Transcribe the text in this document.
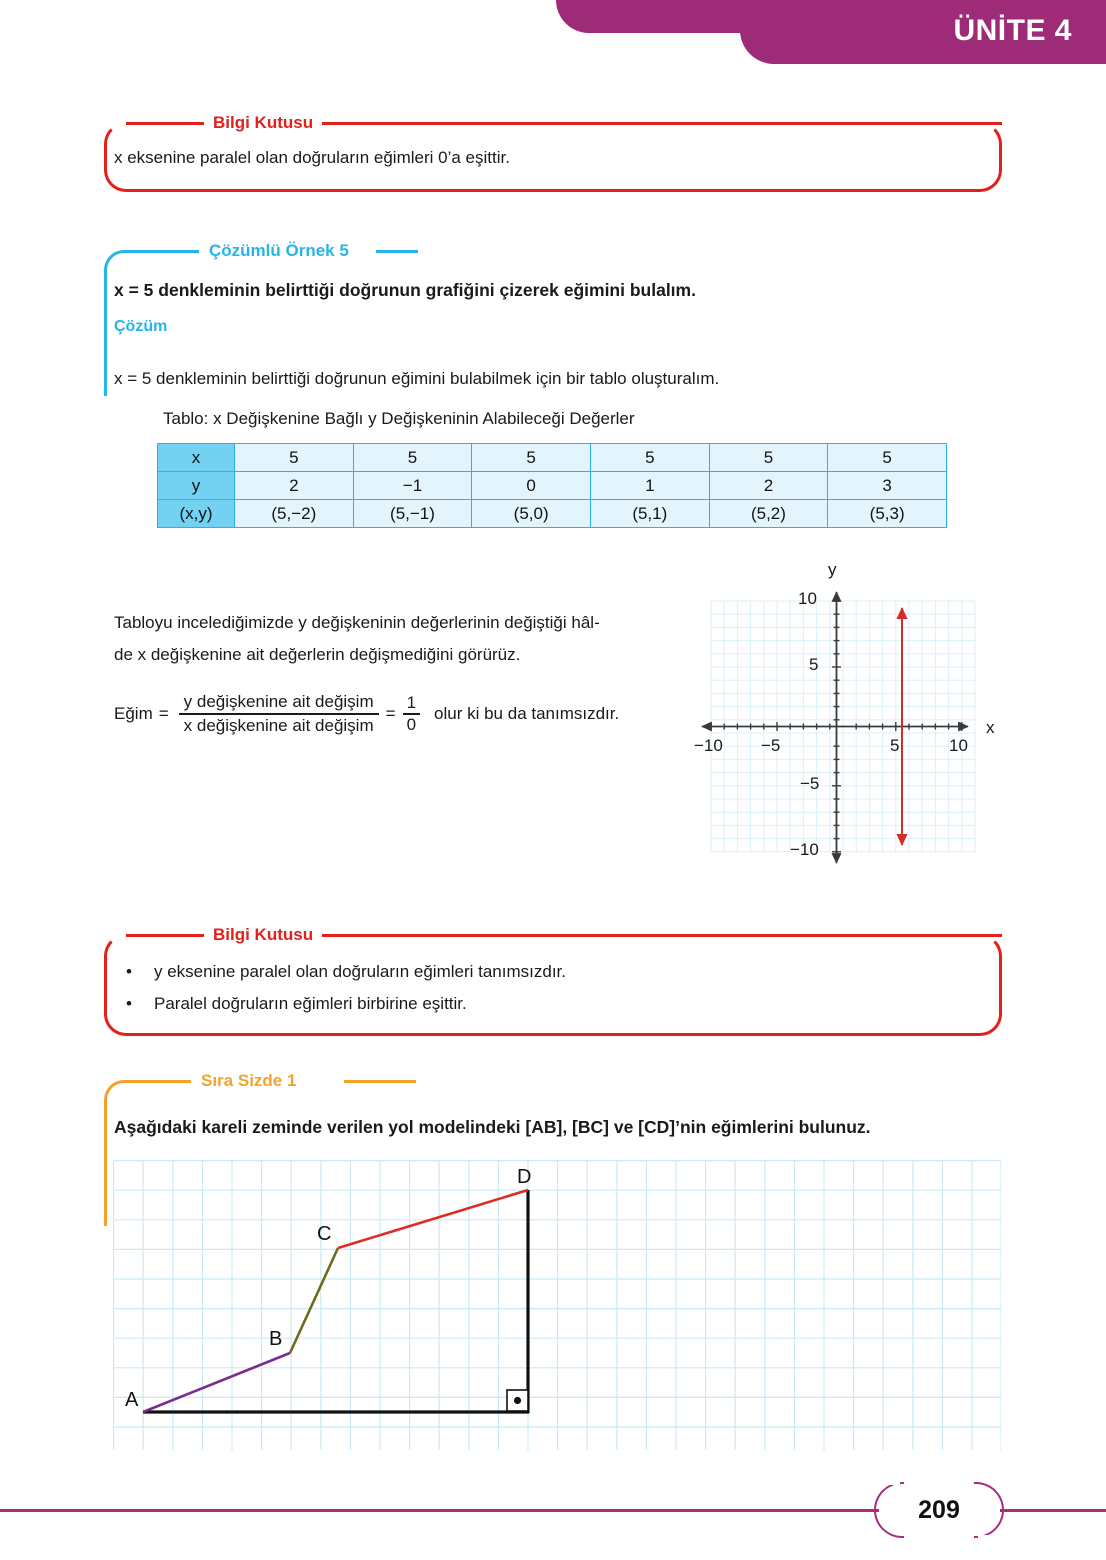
ÜNİTE 4
Bilgi Kutusu
x eksenine paralel olan doğruların eğimleri 0’a eşittir.
Çözümlü Örnek 5
x = 5 denkleminin belirttiği doğrunun grafiğini çizerek eğimini bulalım.
Çözüm
x = 5 denkleminin belirttiği doğrunun eğimini bulabilmek için bir tablo oluşturalım.
Tablo: x Değişkenine Bağlı y Değişkeninin Alabileceği Değerler
x	5	5	5	5	5	5
y	2	−1	0	1	2	3
(x,y)	(5,−2)	(5,−1)	(5,0)	(5,1)	(5,2)	(5,3)
Tabloyu incelediğimizde y değişkeninin değerlerinin değiştiği hâl-
de x değişkenine ait değerlerin değişmediğini görürüz.
Eğim = $\frac{\text{y değişkenine ait değişim}}{\text{x değişkenine ait değişim}} = \frac{1}{0}$ olur ki bu da tanımsızdır.
y
x
10
5
−5
−10
−10 −5	5	10
Bilgi Kutusu
• y eksenine paralel olan doğruların eğimleri tanımsızdır.
• Paralel doğruların eğimleri birbirine eşittir.
Sıra Sizde 1
Aşağıdaki kareli zeminde verilen yol modelindeki [AB], [BC] ve [CD]’nin eğimlerini bulunuz.
A
B
C
D
209
